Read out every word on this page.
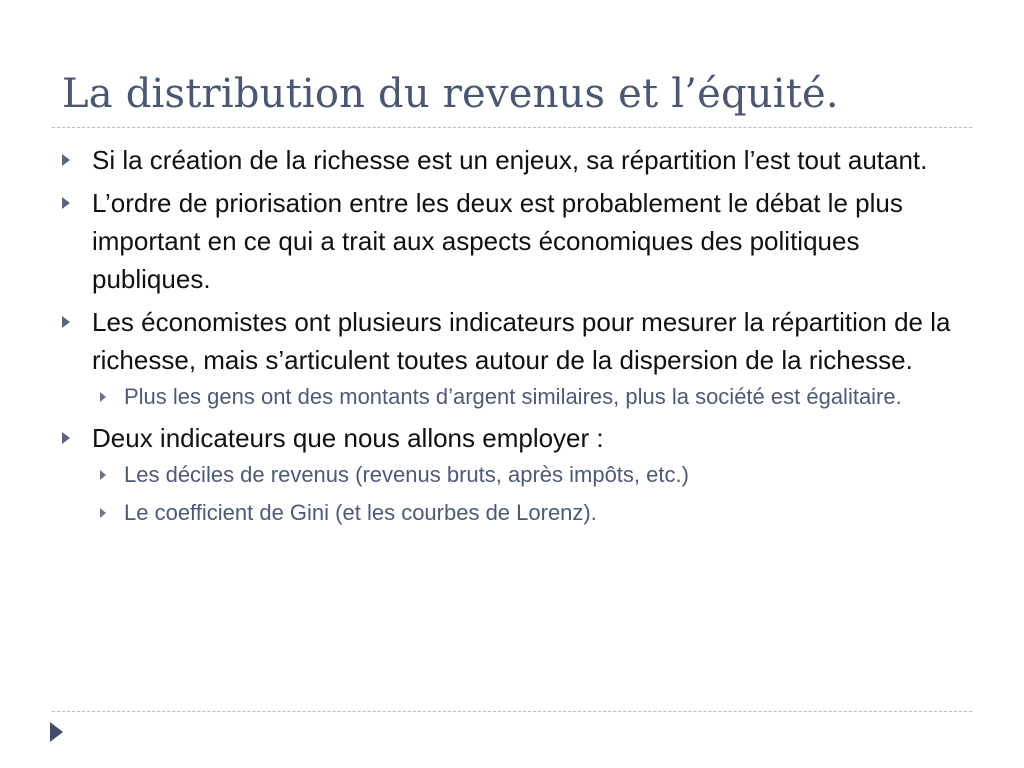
La distribution du revenus et l’équité.
Si la création de la richesse est un enjeux, sa répartition l’est tout autant.
L’ordre de priorisation entre les deux est probablement le débat le plus important en ce qui a trait aux aspects économiques des politiques publiques.
Les économistes ont plusieurs indicateurs pour mesurer la répartition de la richesse, mais s’articulent toutes autour de la dispersion de la richesse.
Plus les gens ont des montants d’argent similaires, plus la société est égalitaire.
Deux indicateurs que nous allons employer :
Les déciles de revenus (revenus bruts, après impôts, etc.)
Le coefficient de Gini (et les courbes de Lorenz).
